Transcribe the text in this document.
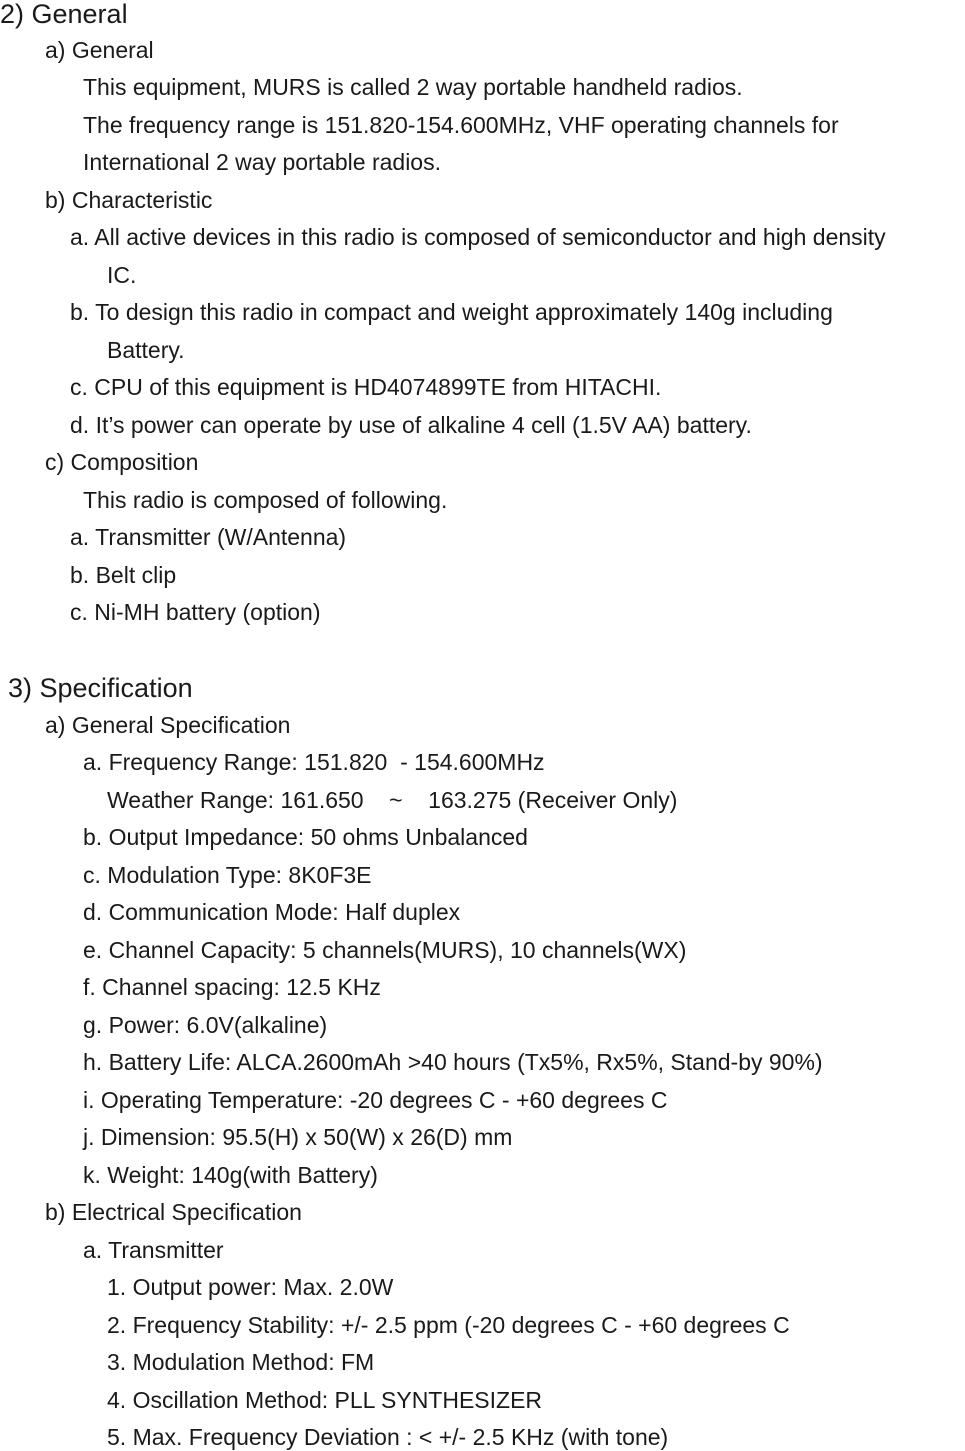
2) General
a) General
This equipment, MURS is called 2 way portable handheld radios.
The frequency range is 151.820-154.600MHz, VHF operating channels for
International 2 way portable radios.
b) Characteristic
a. All active devices in this radio is composed of semiconductor and high density
IC.
b. To design this radio in compact and weight approximately 140g including
Battery.
c. CPU of this equipment is HD4074899TE from HITACHI.
d. It’s power can operate by use of alkaline 4 cell (1.5V AA) battery.
c) Composition
This radio is composed of following.
a. Transmitter (W/Antenna)
b. Belt clip
c. Ni-MH battery (option)
3) Specification
a) General Specification
a. Frequency Range: 151.820  - 154.600MHz
Weather Range: 161.650    ~    163.275 (Receiver Only)
b. Output Impedance: 50 ohms Unbalanced
c. Modulation Type: 8K0F3E
d. Communication Mode: Half duplex
e. Channel Capacity: 5 channels(MURS), 10 channels(WX)
f. Channel spacing: 12.5 KHz
g. Power: 6.0V(alkaline)
h. Battery Life: ALCA.2600mAh >40 hours (Tx5%, Rx5%, Stand-by 90%)
i. Operating Temperature: -20 degrees C - +60 degrees C
j. Dimension: 95.5(H) x 50(W) x 26(D) mm
k. Weight: 140g(with Battery)
b) Electrical Specification
a. Transmitter
1. Output power: Max. 2.0W
2. Frequency Stability: +/- 2.5 ppm (-20 degrees C - +60 degrees C
3. Modulation Method: FM
4. Oscillation Method: PLL SYNTHESIZER
5. Max. Frequency Deviation : < +/- 2.5 KHz (with tone)
